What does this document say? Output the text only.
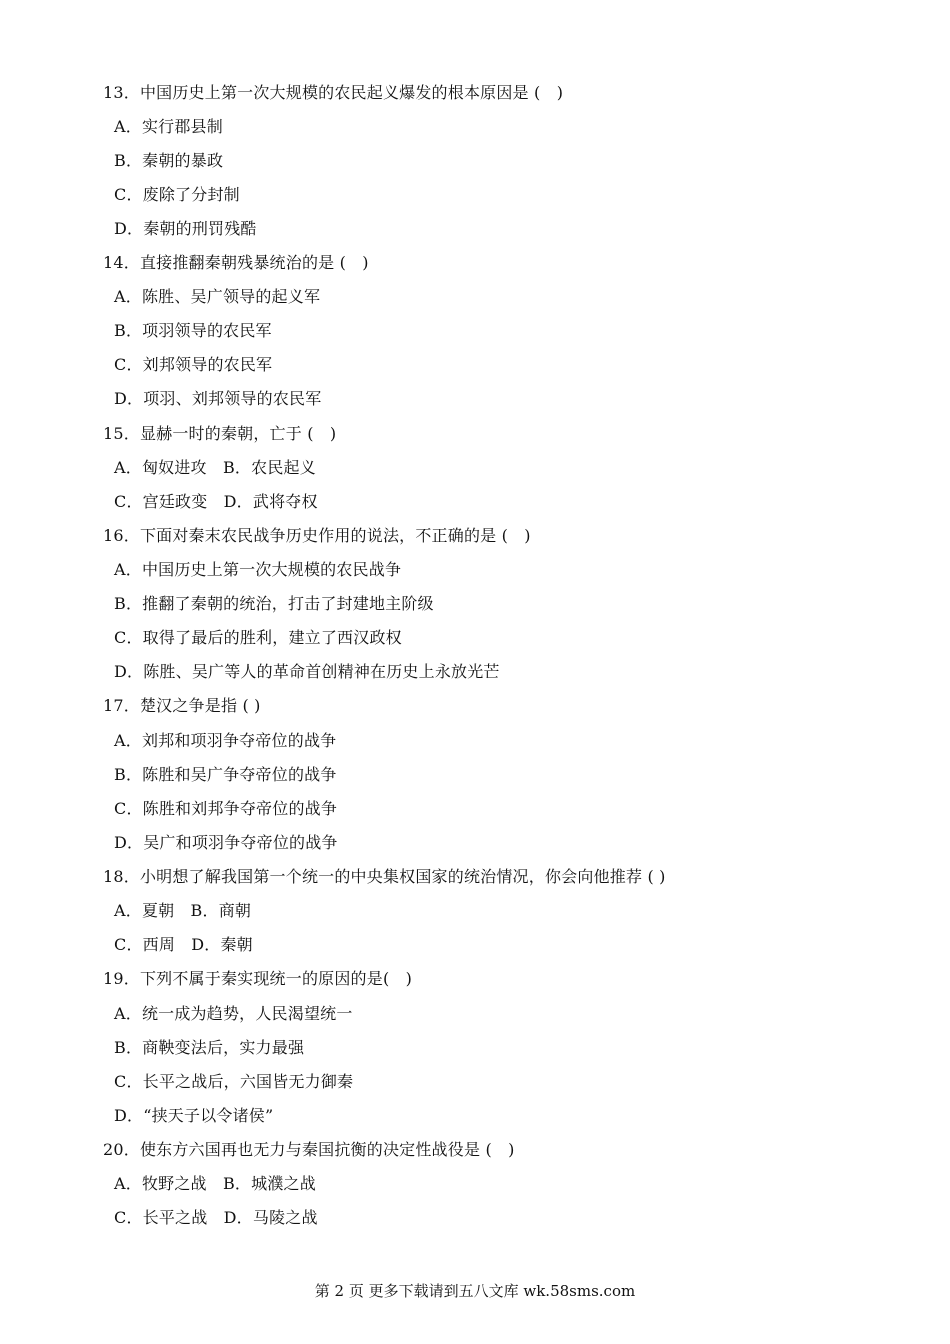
13．中国历史上第一次大规模的农民起义爆发的根本原因是 (　)
A．实行郡县制
B．秦朝的暴政
C．废除了分封制
D．秦朝的刑罚残酷
14．直接推翻秦朝残暴统治的是 (　)
A．陈胜、吴广领导的起义军
B．项羽领导的农民军
C．刘邦领导的农民军
D．项羽、刘邦领导的农民军
15．显赫一时的秦朝，亡于 (　)
A．匈奴进攻　B．农民起义
C．宫廷政变　D．武将夺权
16．下面对秦末农民战争历史作用的说法，不正确的是 (　)
A．中国历史上第一次大规模的农民战争
B．推翻了秦朝的统治，打击了封建地主阶级
C．取得了最后的胜利，建立了西汉政权
D．陈胜、吴广等人的革命首创精神在历史上永放光芒
17．楚汉之争是指 ( )
A．刘邦和项羽争夺帝位的战争
B．陈胜和吴广争夺帝位的战争
C．陈胜和刘邦争夺帝位的战争
D．吴广和项羽争夺帝位的战争
18．小明想了解我国第一个统一的中央集权国家的统治情况，你会向他推荐 ( )
A．夏朝　B．商朝
C．西周　D．秦朝
19．下列不属于秦实现统一的原因的是(　)
A．统一成为趋势，人民渴望统一
B．商鞅变法后，实力最强
C．长平之战后，六国皆无力御秦
D．“挟天子以令诸侯”
20．使东方六国再也无力与秦国抗衡的决定性战役是 (　)
A．牧野之战　B．城濮之战
C．长平之战　D．马陵之战
第 2 页 更多下载请到五八文库 wk.58sms.com
